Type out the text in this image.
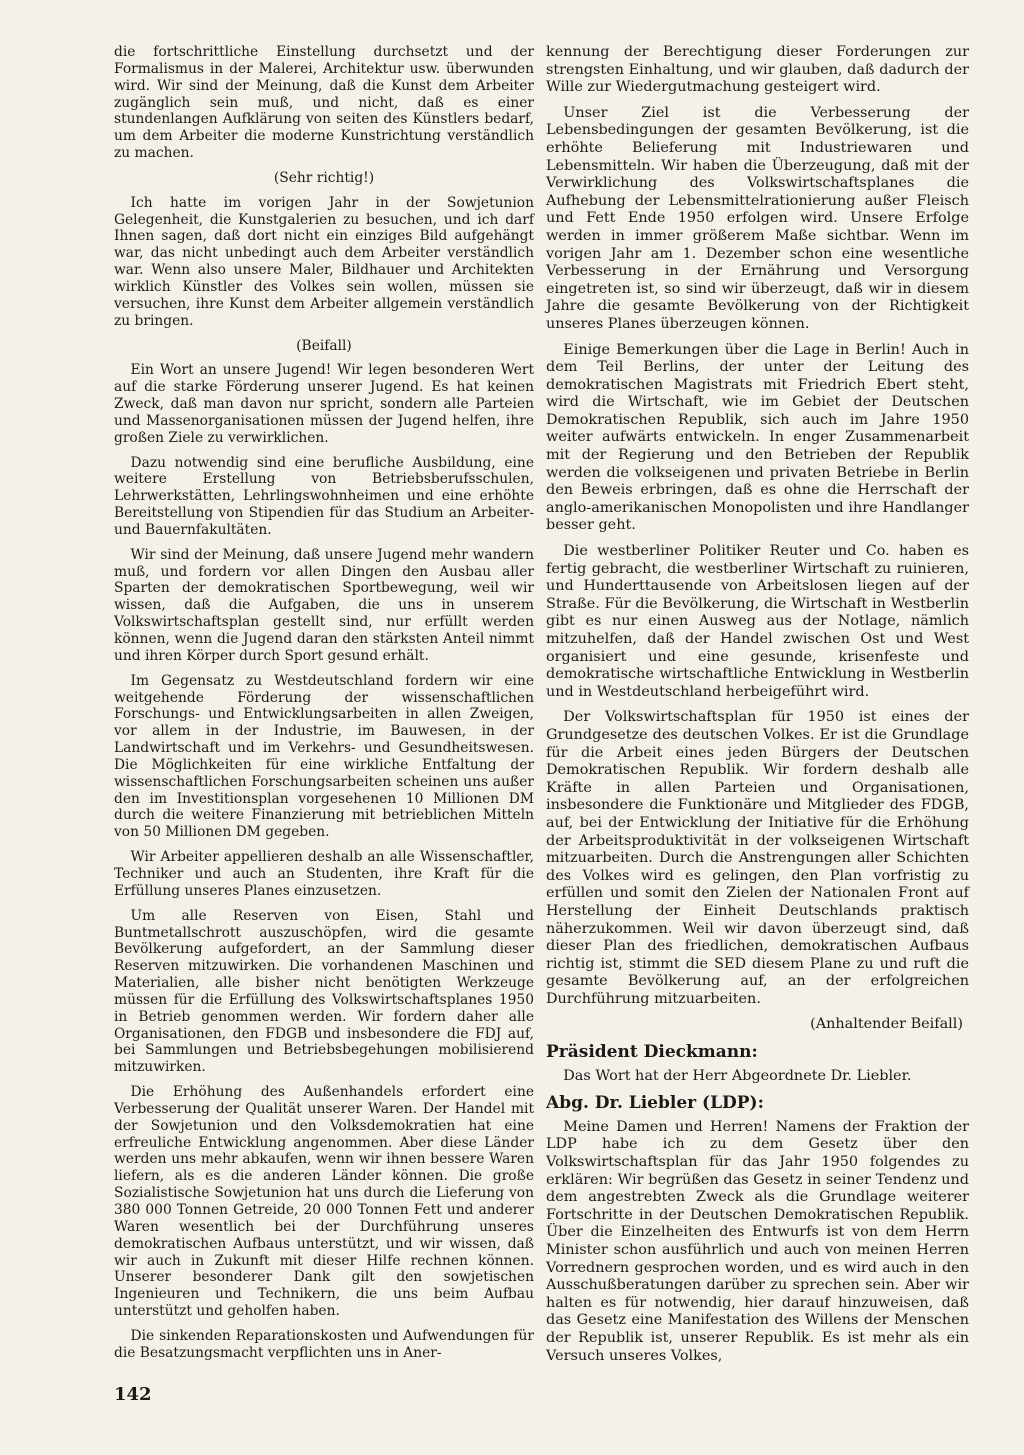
die fortschrittliche Einstellung durchsetzt und der Formalismus in der Malerei, Architektur usw. überwunden wird. Wir sind der Meinung, daß die Kunst dem Arbeiter zugänglich sein muß, und nicht, daß es einer stundenlangen Aufklärung von seiten des Künstlers bedarf, um dem Arbeiter die moderne Kunstrichtung verständlich zu machen.

(Sehr richtig!)

Ich hatte im vorigen Jahr in der Sowjetunion Gelegenheit, die Kunstgalerien zu besuchen, und ich darf Ihnen sagen, daß dort nicht ein einziges Bild aufgehängt war, das nicht unbedingt auch dem Arbeiter verständlich war. Wenn also unsere Maler, Bildhauer und Architekten wirklich Künstler des Volkes sein wollen, müssen sie versuchen, ihre Kunst dem Arbeiter allgemein verständlich zu bringen.

(Beifall)

Ein Wort an unsere Jugend! Wir legen besonderen Wert auf die starke Förderung unserer Jugend. Es hat keinen Zweck, daß man davon nur spricht, sondern alle Parteien und Massenorganisationen müssen der Jugend helfen, ihre großen Ziele zu verwirklichen.

Dazu notwendig sind eine berufliche Ausbildung, eine weitere Erstellung von Betriebsberufsschulen, Lehrwerkstätten, Lehrlingswohnheimen und eine erhöhte Bereitstellung von Stipendien für das Studium an Arbeiter- und Bauernfakultäten.

Wir sind der Meinung, daß unsere Jugend mehr wandern muß, und fordern vor allen Dingen den Ausbau aller Sparten der demokratischen Sportbewegung, weil wir wissen, daß die Aufgaben, die uns in unserem Volkswirtschaftsplan gestellt sind, nur erfüllt werden können, wenn die Jugend daran den stärksten Anteil nimmt und ihren Körper durch Sport gesund erhält.

Im Gegensatz zu Westdeutschland fordern wir eine weitgehende Förderung der wissenschaftlichen Forschungs- und Entwicklungsarbeiten in allen Zweigen, vor allem in der Industrie, im Bauwesen, in der Landwirtschaft und im Verkehrs- und Gesundheitswesen. Die Möglichkeiten für eine wirkliche Entfaltung der wissenschaftlichen Forschungsarbeiten scheinen uns außer den im Investitionsplan vorgesehenen 10 Millionen DM durch die weitere Finanzierung mit betrieblichen Mitteln von 50 Millionen DM gegeben.

Wir Arbeiter appellieren deshalb an alle Wissenschaftler, Techniker und auch an Studenten, ihre Kraft für die Erfüllung unseres Planes einzusetzen.

Um alle Reserven von Eisen, Stahl und Buntmetallschrott auszuschöpfen, wird die gesamte Bevölkerung aufgefordert, an der Sammlung dieser Reserven mitzuwirken. Die vorhandenen Maschinen und Materialien, alle bisher nicht benötigten Werkzeuge müssen für die Erfüllung des Volkswirtschaftsplanes 1950 in Betrieb genommen werden. Wir fordern daher alle Organisationen, den FDGB und insbesondere die FDJ auf, bei Sammlungen und Betriebsbegehungen mobilisierend mitzuwirken.

Die Erhöhung des Außenhandels erfordert eine Verbesserung der Qualität unserer Waren. Der Handel mit der Sowjetunion und den Volksdemokratien hat eine erfreuliche Entwicklung angenommen. Aber diese Länder werden uns mehr abkaufen, wenn wir ihnen bessere Waren liefern, als es die anderen Länder können. Die große Sozialistische Sowjetunion hat uns durch die Lieferung von 380 000 Tonnen Getreide, 20 000 Tonnen Fett und anderer Waren wesentlich bei der Durchführung unseres demokratischen Aufbaus unterstützt, und wir wissen, daß wir auch in Zukunft mit dieser Hilfe rechnen können. Unserer besonderer Dank gilt den sowjetischen Ingenieuren und Technikern, die uns beim Aufbau unterstützt und geholfen haben.

Die sinkenden Reparationskosten und Aufwendungen für die Besatzungsmacht verpflichten uns in Aner-

kennung der Berechtigung dieser Forderungen zur strengsten Einhaltung, und wir glauben, daß dadurch der Wille zur Wiedergutmachung gesteigert wird.

Unser Ziel ist die Verbesserung der Lebensbedingungen der gesamten Bevölkerung, ist die erhöhte Belieferung mit Industriewaren und Lebensmitteln. Wir haben die Überzeugung, daß mit der Verwirklichung des Volkswirtschaftsplanes die Aufhebung der Lebensmittelrationierung außer Fleisch und Fett Ende 1950 erfolgen wird. Unsere Erfolge werden in immer größerem Maße sichtbar. Wenn im vorigen Jahr am 1. Dezember schon eine wesentliche Verbesserung in der Ernährung und Versorgung eingetreten ist, so sind wir überzeugt, daß wir in diesem Jahre die gesamte Bevölkerung von der Richtigkeit unseres Planes überzeugen können.

Einige Bemerkungen über die Lage in Berlin! Auch in dem Teil Berlins, der unter der Leitung des demokratischen Magistrats mit Friedrich Ebert steht, wird die Wirtschaft, wie im Gebiet der Deutschen Demokratischen Republik, sich auch im Jahre 1950 weiter aufwärts entwickeln. In enger Zusammenarbeit mit der Regierung und den Betrieben der Republik werden die volkseigenen und privaten Betriebe in Berlin den Beweis erbringen, daß es ohne die Herrschaft der anglo-amerikanischen Monopolisten und ihre Handlanger besser geht.

Die westberliner Politiker Reuter und Co. haben es fertig gebracht, die westberliner Wirtschaft zu ruinieren, und Hunderttausende von Arbeitslosen liegen auf der Straße. Für die Bevölkerung, die Wirtschaft in Westberlin gibt es nur einen Ausweg aus der Notlage, nämlich mitzuhelfen, daß der Handel zwischen Ost und West organisiert und eine gesunde, krisenfeste und demokratische wirtschaftliche Entwicklung in Westberlin und in Westdeutschland herbeigeführt wird.

Der Volkswirtschaftsplan für 1950 ist eines der Grundgesetze des deutschen Volkes. Er ist die Grundlage für die Arbeit eines jeden Bürgers der Deutschen Demokratischen Republik. Wir fordern deshalb alle Kräfte in allen Parteien und Organisationen, insbesondere die Funktionäre und Mitglieder des FDGB, auf, bei der Entwicklung der Initiative für die Erhöhung der Arbeitsproduktivität in der volkseigenen Wirtschaft mitzuarbeiten. Durch die Anstrengungen aller Schichten des Volkes wird es gelingen, den Plan vorfristig zu erfüllen und somit den Zielen der Nationalen Front auf Herstellung der Einheit Deutschlands praktisch näherzukommen. Weil wir davon überzeugt sind, daß dieser Plan des friedlichen, demokratischen Aufbaus richtig ist, stimmt die SED diesem Plane zu und ruft die gesamte Bevölkerung auf, an der erfolgreichen Durchführung mitzuarbeiten.

(Anhaltender Beifall)

Präsident Dieckmann:

Das Wort hat der Herr Abgeordnete Dr. Liebler.

Abg. Dr. Liebler (LDP):

Meine Damen und Herren! Namens der Fraktion der LDP habe ich zu dem Gesetz über den Volkswirtschaftsplan für das Jahr 1950 folgendes zu erklären: Wir begrüßen das Gesetz in seiner Tendenz und dem angestrebten Zweck als die Grundlage weiterer Fortschritte in der Deutschen Demokratischen Republik. Über die Einzelheiten des Entwurfs ist von dem Herrn Minister schon ausführlich und auch von meinen Herren Vorrednern gesprochen worden, und es wird auch in den Ausschußberatungen darüber zu sprechen sein. Aber wir halten es für notwendig, hier darauf hinzuweisen, daß das Gesetz eine Manifestation des Willens der Menschen der Republik ist, unserer Republik. Es ist mehr als ein Versuch unseres Volkes,

142
